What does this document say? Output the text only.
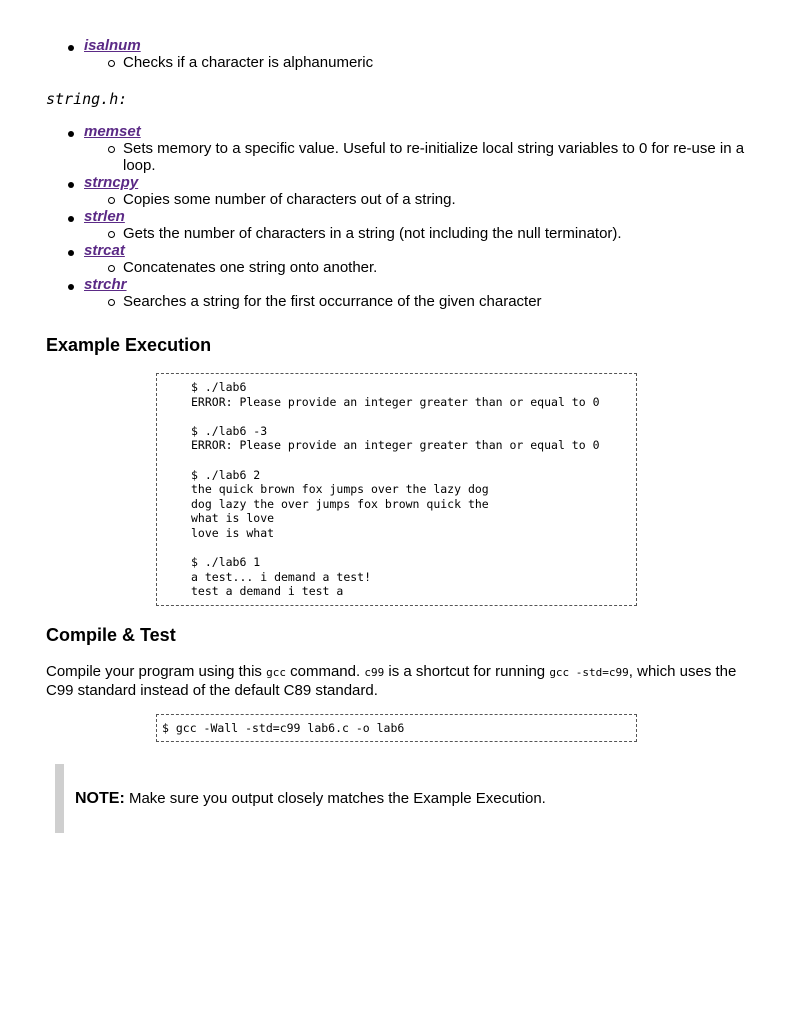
isalnum
Checks if a character is alphanumeric

string.h:

memset
Sets memory to a specific value. Useful to re-initialize local string variables to 0 for re-use in a loop.
strncpy
Copies some number of characters out of a string.
strlen
Gets the number of characters in a string (not including the null terminator).
strcat
Concatenates one string onto another.
strchr
Searches a string for the first occurrance of the given character
Example Execution
Compile & Test
Compile your program using this gcc command. c99 is a shortcut for running gcc -std=c99, which uses the C99 standard instead of the default C89 standard.
$ ./lab6
ERROR: Please provide an integer greater than or equal to 0
$ ./lab6 -3
ERROR: Please provide an integer greater than or equal to 0
$ ./lab6 2
the quick brown fox jumps over the lazy dog
dog lazy the over jumps fox brown quick the
what is love
love is what
$ ./lab6 1
a test... i demand a test!
test a demand i test a
$ gcc -Wall -std=c99 lab6.c -o lab6
NOTE: Make sure you output closely matches the Example Execution.
